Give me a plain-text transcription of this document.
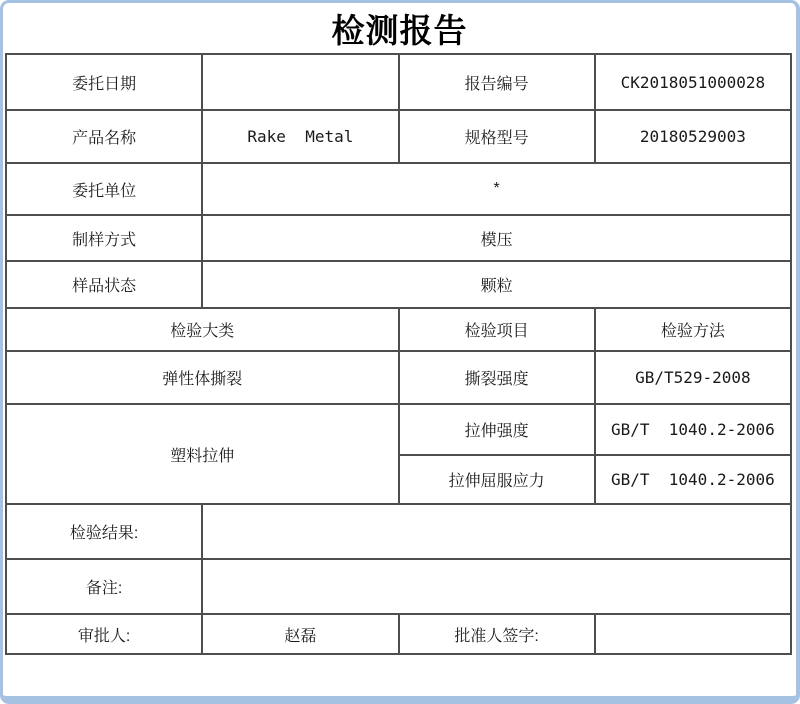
检测报告
委托日期		报告编号	CK2018051000028
产品名称	Rake  Metal	规格型号	20180529003
委托单位	*		
制样方式	模压		
样品状态	颗粒		
检验大类		检验项目	检验方法
弹性体撕裂		撕裂强度	GB/T529-2008
塑料拉伸		拉伸强度	GB/T  1040.2-2006
		拉伸屈服应力	GB/T  1040.2-2006
检验结果:			
备注:			
审批人:	赵磊	批准人签字:	
